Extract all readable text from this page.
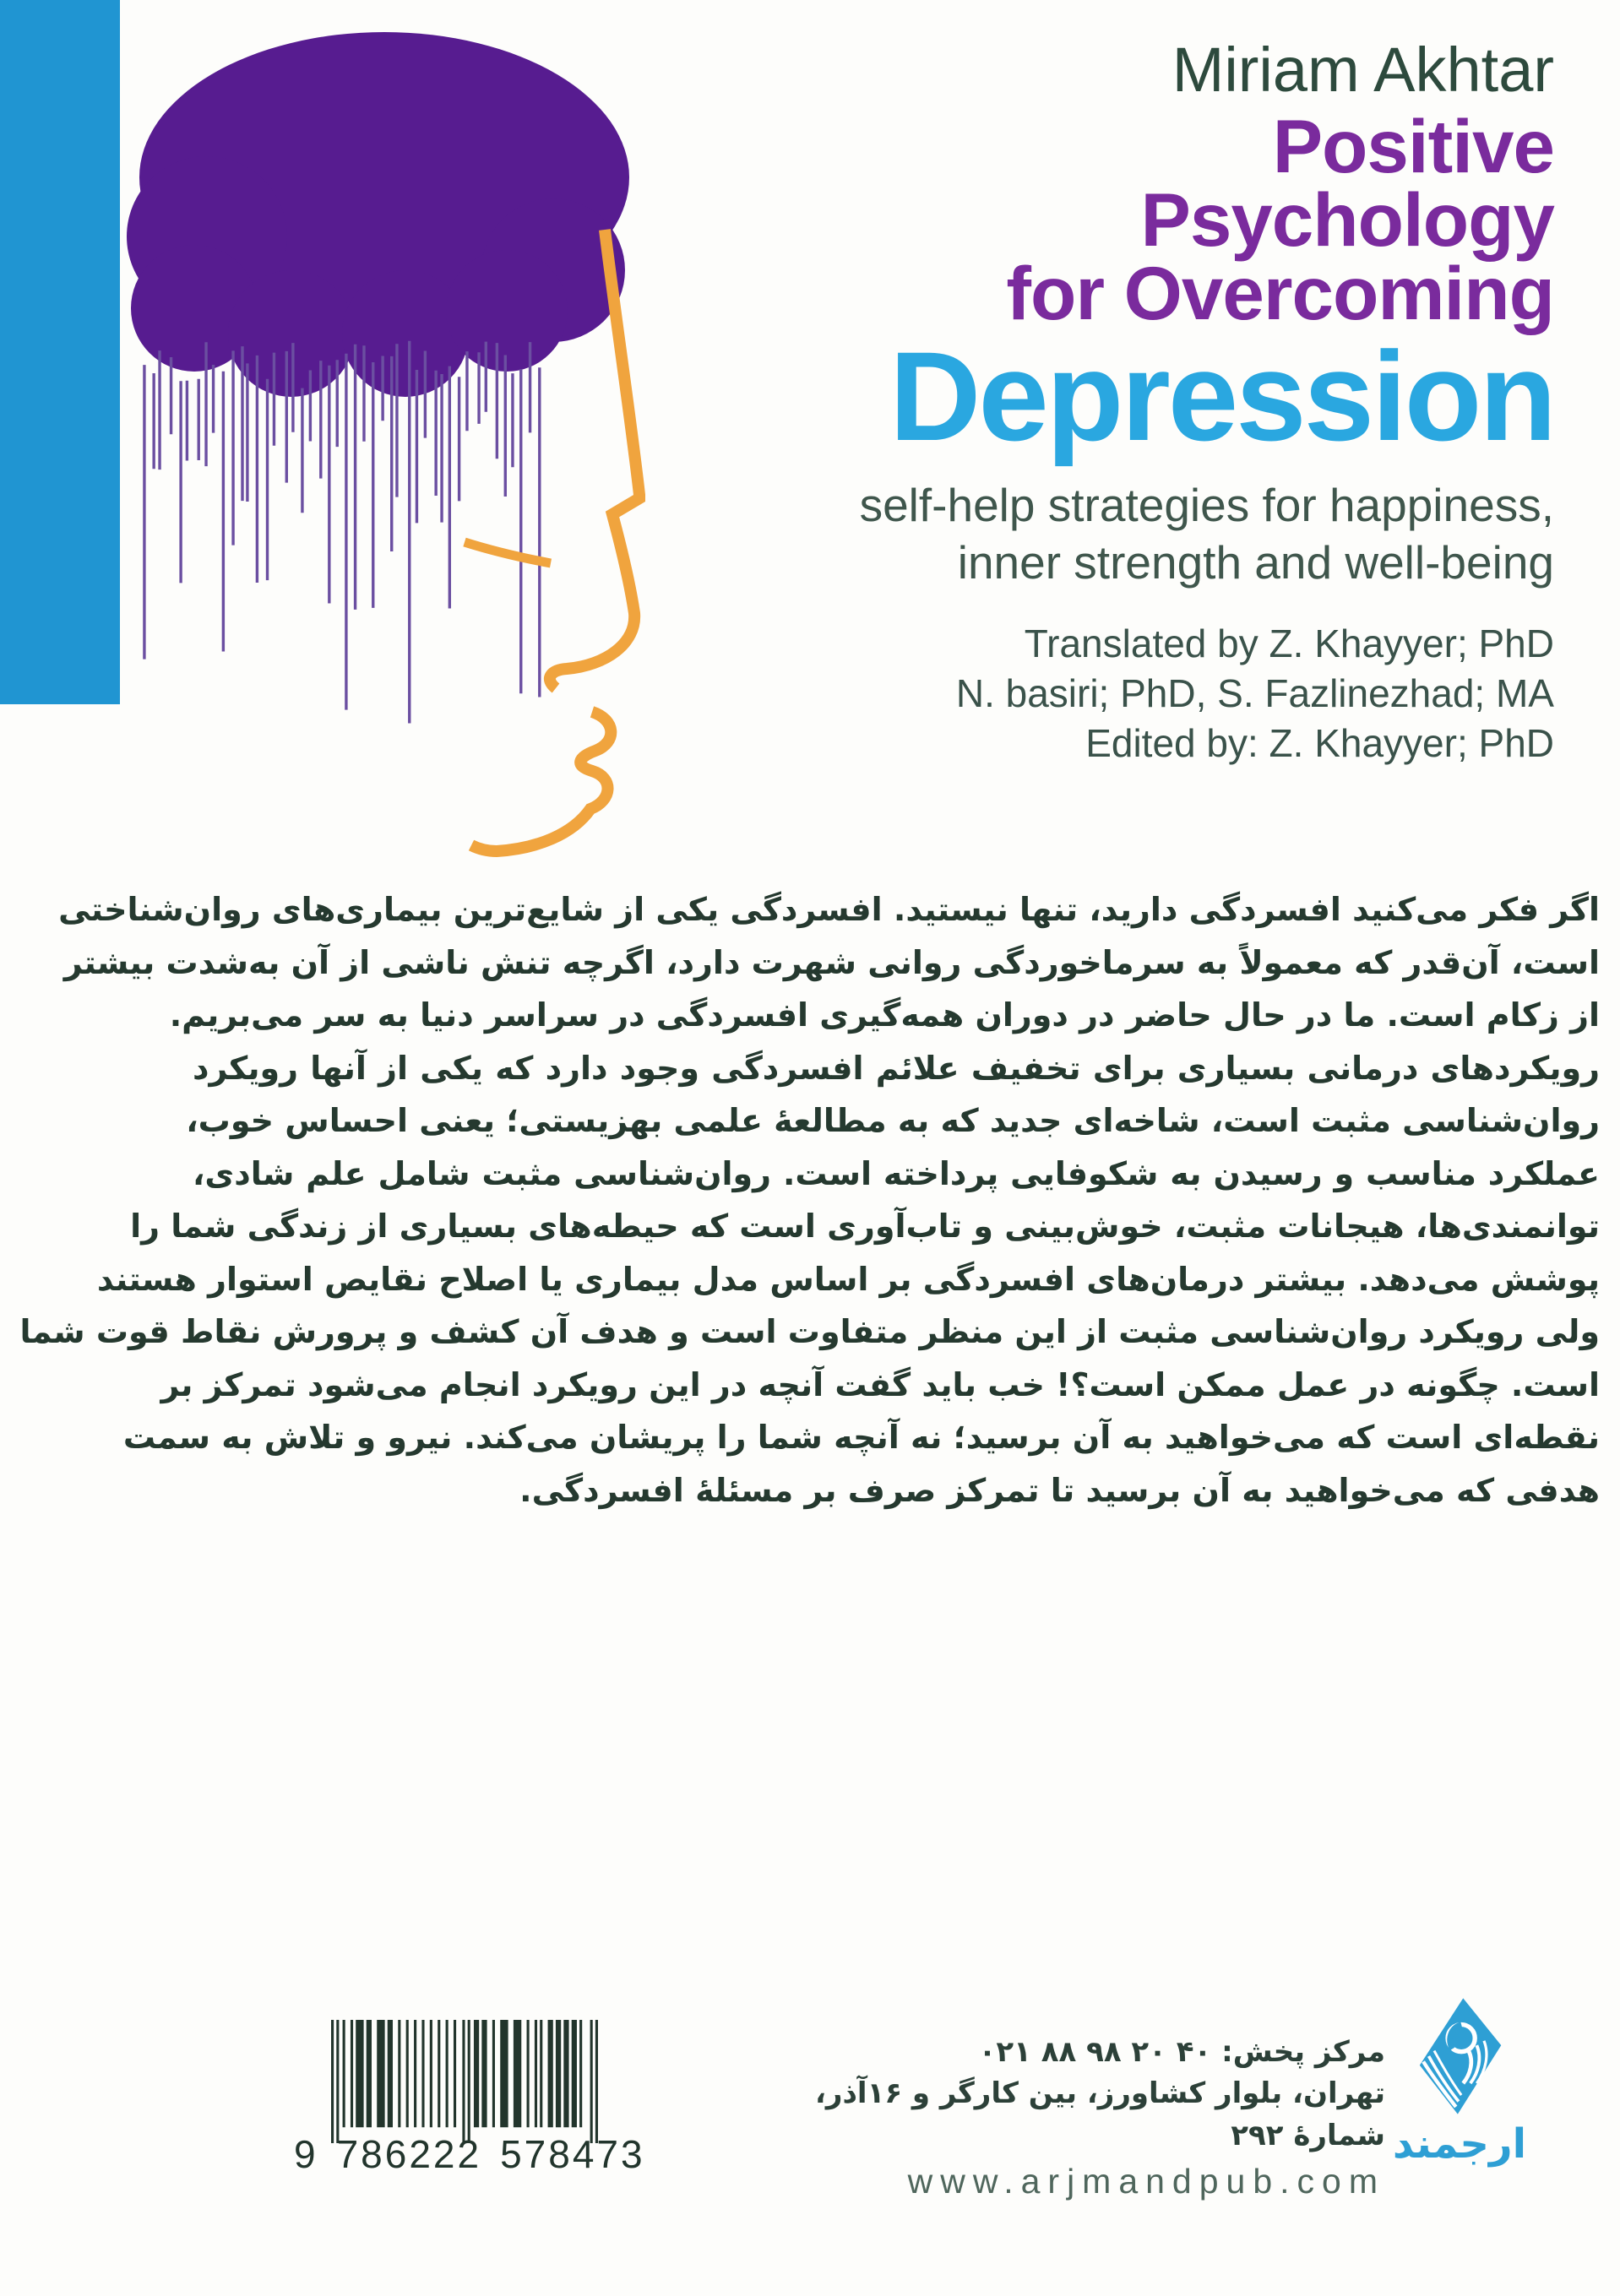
Miriam Akhtar
Positive
Psychology
for Overcoming
Depression
self-help strategies for happiness,
inner strength and well-being
Translated by Z. Khayyer; PhD
N. basiri; PhD, S. Fazlinezhad; MA
Edited by: Z. Khayyer; PhD
اگر فکر می‌کنید افسردگی دارید، تنها نیستید. افسردگی یکی از شایع‌ترین بیماری‌های روان‌شناختی
است، آن‌قدر که معمولاً به سرماخوردگی روانی شهرت دارد، اگرچه تنش ناشی از آن به‌شدت بیشتر
از زکام است. ما در حال حاضر در دوران همه‌گیری افسردگی در سراسر دنیا به سر می‌بریم.
رویکردهای درمانی بسیاری برای تخفیف علائم افسردگی وجود دارد که یکی از آنها رویکرد
روان‌شناسی مثبت است، شاخه‌ای جدید که به مطالعهٔ علمی بهزیستی؛ یعنی احساس خوب،
عملکرد مناسب و رسیدن به شکوفایی پرداخته است. روان‌شناسی مثبت شامل علم شادی،
توانمندی‌ها، هیجانات مثبت، خوش‌بینی و تاب‌آوری است که حیطه‌های بسیاری از زندگی شما را
پوشش می‌دهد. بیشتر درمان‌های افسردگی بر اساس مدل بیماری یا اصلاح نقایص استوار هستند
ولی رویکرد روان‌شناسی مثبت از این منظر متفاوت است و هدف آن کشف و پرورش نقاط قوت شما
است. چگونه در عمل ممکن است؟! خب باید گفت آنچه در این رویکرد انجام می‌شود تمرکز بر
نقطه‌ای است که می‌خواهید به آن برسید؛ نه آنچه شما را پریشان می‌کند. نیرو و تلاش به سمت
هدفی که می‌خواهید به آن برسید تا تمرکز صرف بر مسئلهٔ افسردگی.
9 786222 578473
مرکز پخش: ۰۲۱ ۸۸ ۹۸ ۲۰ ۴۰
تهران، بلوار کشاورز، بین کارگر و ۱۶آذر، شمارهٔ ۲۹۲
www.arjmandpub.com
ارجمند
